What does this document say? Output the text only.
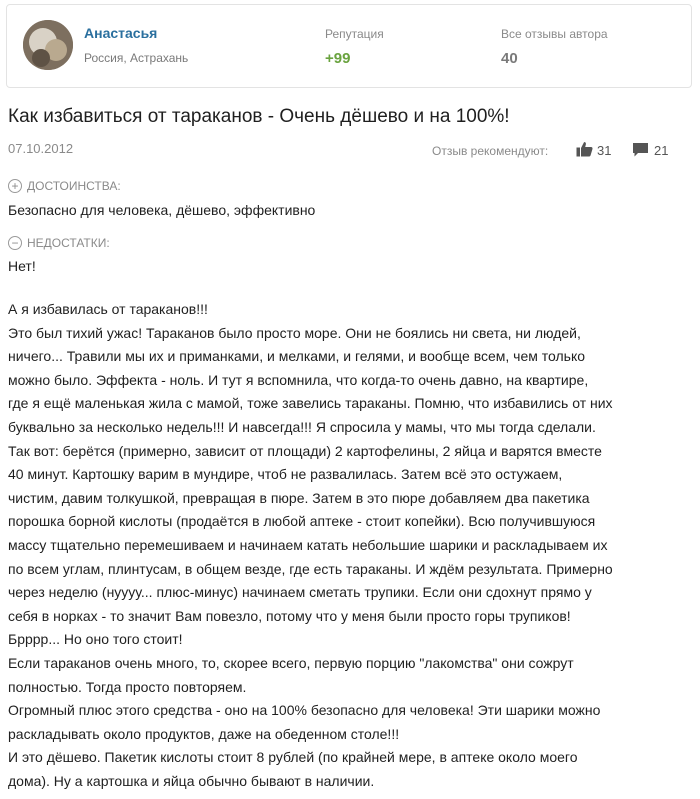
Анастасья
Россия, Астрахань
Репутация
+99
Все отзывы автора
40
Как избавиться от тараканов - Очень дёшево и на 100%!
07.10.2012	Отзыв рекомендуют:	31	21
+ ДОСТОИНСТВА:
Безопасно для человека, дёшево, эффективно
− НЕДОСТАТКИ:
Нет!
А я избавилась от тараканов!!!
Это был тихий ужас! Тараканов было просто море. Они не боялись ни света, ни людей,
ничего... Травили мы их и приманками, и мелками, и гелями, и вообще всем, чем только
можно было. Эффекта - ноль. И тут я вспомнила, что когда-то очень давно, на квартире,
где я ещё маленькая жила с мамой, тоже завелись тараканы. Помню, что избавились от них
буквально за несколько недель!!! И навсегда!!! Я спросила у мамы, что мы тогда сделали.
Так вот: берётся (примерно, зависит от площади) 2 картофелины, 2 яйца и варятся вместе
40 минут. Картошку варим в мундире, чтоб не развалилась. Затем всё это остужаем,
чистим, давим толкушкой, превращая в пюре. Затем в это пюре добавляем два пакетика
порошка борной кислоты (продаётся в любой аптеке - стоит копейки). Всю получившуюся
массу тщательно перемешиваем и начинаем катать небольшие шарики и раскладываем их
по всем углам, плинтусам, в общем везде, где есть тараканы. И ждём результата. Примерно
через неделю (нуууу... плюс-минус) начинаем сметать трупики. Если они сдохнут прямо у
себя в норках - то значит Вам повезло, потому что у меня были просто горы трупиков!
Брррр... Но оно того стоит!
Если тараканов очень много, то, скорее всего, первую порцию "лакомства" они сожрут
полностью. Тогда просто повторяем.
Огромный плюс этого средства - оно на 100% безопасно для человека! Эти шарики можно
раскладывать около продуктов, даже на обеденном столе!!!
И это дёшево. Пакетик кислоты стоит 8 рублей (по крайней мере, в аптеке около моего
дома). Ну а картошка и яйца обычно бывают в наличии.
